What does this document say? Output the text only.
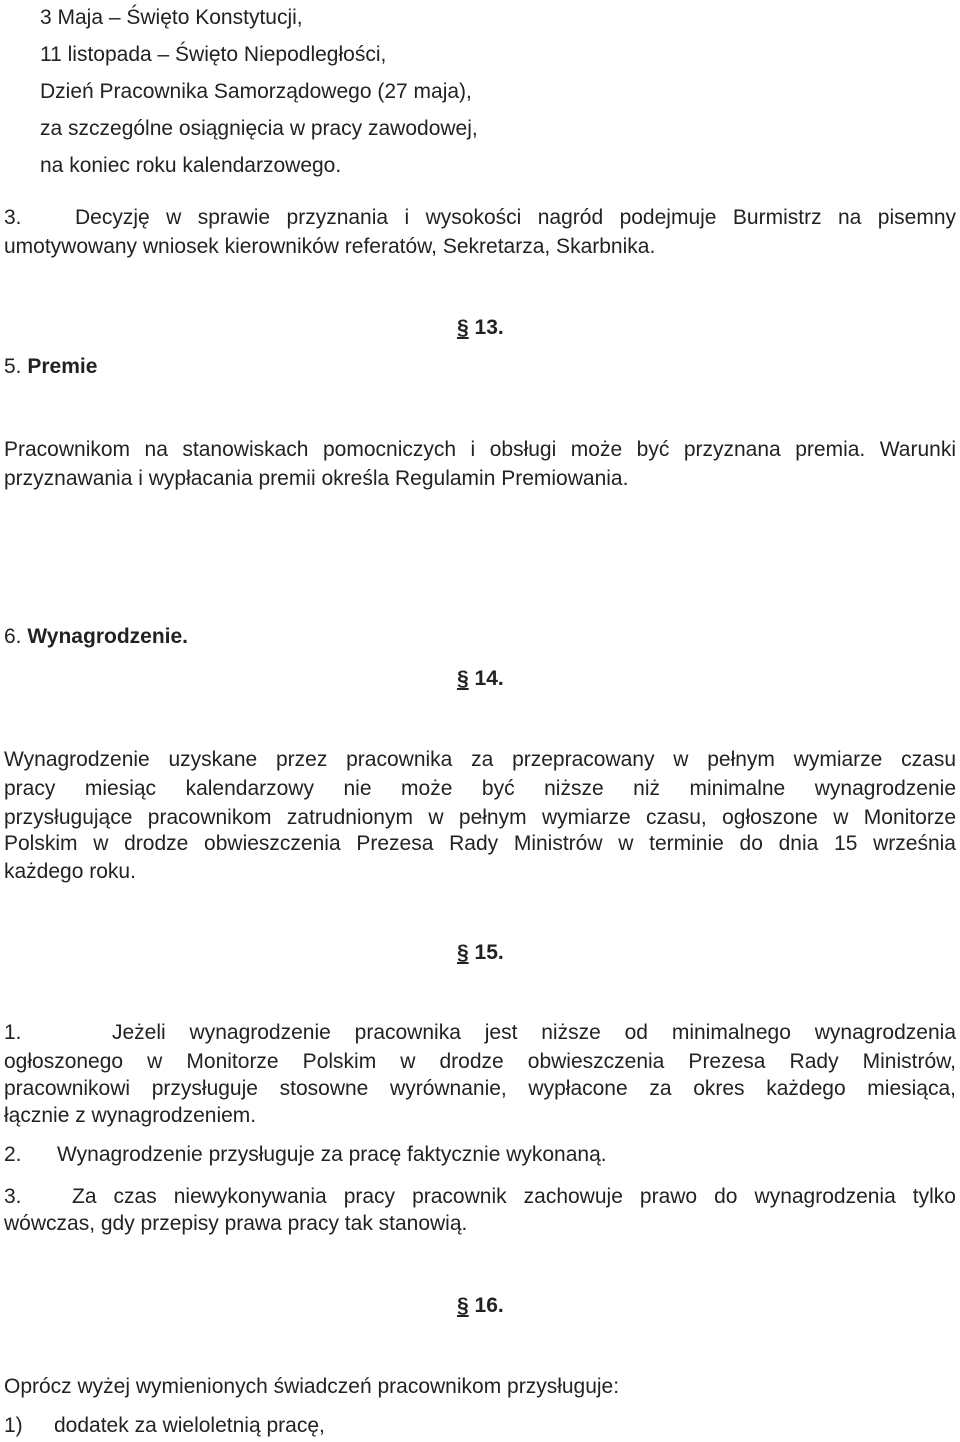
3 Maja – Święto Konstytucji,
11 listopada – Święto Niepodległości,
Dzień Pracownika Samorządowego (27 maja),
za szczególne osiągnięcia w pracy zawodowej,
na koniec roku kalendarzowego.
3.	Decyzję w sprawie przyznania i wysokości nagród podejmuje Burmistrz na pisemny
umotywowany wniosek kierowników referatów, Sekretarza, Skarbnika.
§ 13.
5. Premie
Pracownikom na stanowiskach pomocniczych i obsługi może być przyznana premia. Warunki
przyznawania i wypłacania premii określa Regulamin Premiowania.
6. Wynagrodzenie.
§ 14.
Wynagrodzenie uzyskane przez pracownika za przepracowany w pełnym wymiarze czasu
pracy miesiąc kalendarzowy nie może być niższe niż minimalne wynagrodzenie
przysługujące pracownikom zatrudnionym w pełnym wymiarze czasu, ogłoszone w Monitorze
Polskim w drodze obwieszczenia Prezesa Rady Ministrów w terminie do dnia 15 września
każdego roku.
§ 15.
1.	Jeżeli wynagrodzenie pracownika jest niższe od minimalnego wynagrodzenia
ogłoszonego w Monitorze Polskim w drodze obwieszczenia Prezesa Rady Ministrów,
pracownikowi przysługuje stosowne wyrównanie, wypłacone za okres każdego miesiąca,
łącznie z wynagrodzeniem.
2. Wynagrodzenie przysługuje za pracę faktycznie wykonaną.
3. Za czas niewykonywania pracy pracownik zachowuje prawo do wynagrodzenia tylko
wówczas, gdy przepisy prawa pracy tak stanowią.
§ 16.
Oprócz wyżej wymienionych świadczeń pracownikom przysługuje:
1) dodatek za wieloletnią pracę,
